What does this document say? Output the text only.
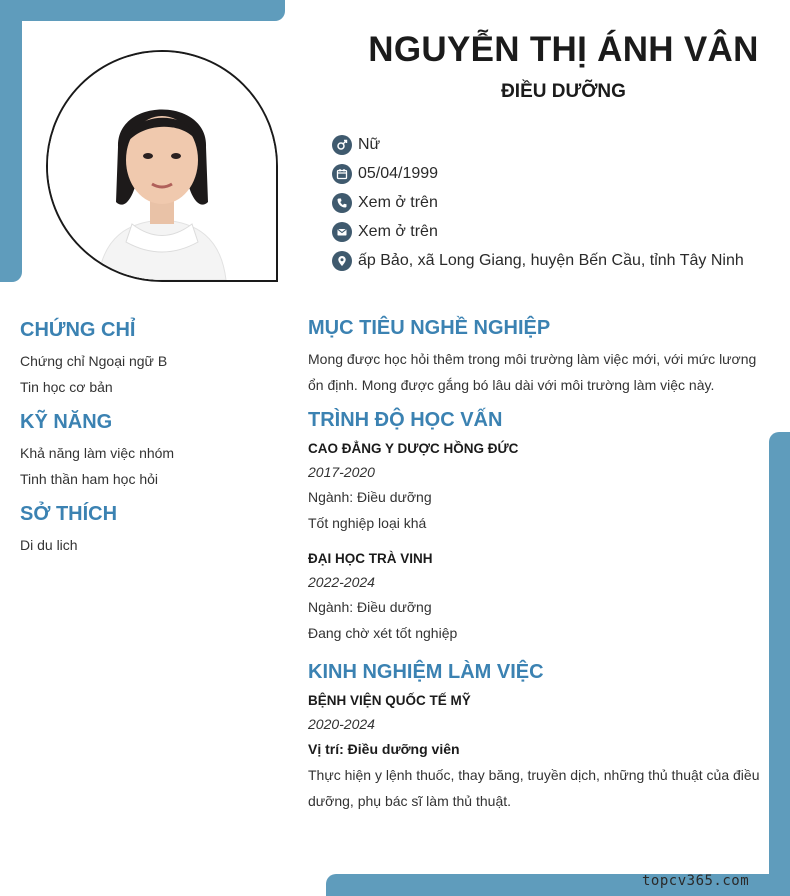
NGUYỄN THỊ ÁNH VÂN
ĐIỀU DƯỠNG
Nữ
05/04/1999
Xem ở trên
Xem ở trên
ấp Bảo, xã Long Giang, huyện Bến Cầu, tỉnh Tây Ninh
CHỨNG CHỈ

Chứng chỉ Ngoại ngữ B

Tin học cơ bản

KỸ NĂNG

Khả năng làm việc nhóm

Tinh thần ham học hỏi

SỞ THÍCH

Di du lich

MỤC TIÊU NGHỀ NGHIỆP

Mong được học hỏi thêm trong môi trường làm việc mới, với mức lương ổn định. Mong được gắng bó lâu dài với môi trường làm việc này.

TRÌNH ĐỘ HỌC VẤN

CAO ĐẲNG Y DƯỢC HỒNG ĐỨC

2017-2020

Ngành: Điều dưỡng

Tốt nghiệp loại khá

ĐẠI HỌC TRÀ VINH

2022-2024

Ngành: Điều dưỡng

Đang chờ xét tốt nghiệp

KINH NGHIỆM LÀM VIỆC

BỆNH VIỆN QUỐC TẾ MỸ

2020-2024

Vị trí: Điều dưỡng viên

Thực hiện y lệnh thuốc, thay băng, truyền dịch, những thủ thuật của điều dưỡng, phụ bác sĩ làm thủ thuật.

topcv365.com
